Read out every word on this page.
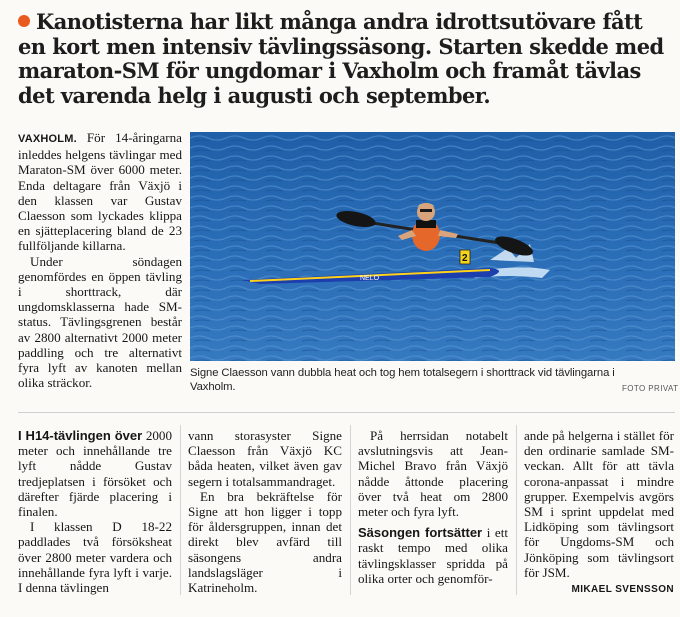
Kanotisterna har likt många andra idrottsutövare fått en kort men intensiv tävlingssäsong. Starten skedde med maraton-SM för ungdomar i Vaxholm och framåt tävlas det varenda helg i augusti och september.

VAXHOLM. För 14-åringarna inleddes helgens tävlingar med Maraton-SM över 6000 meter. Enda deltagare från Växjö i den klassen var Gustav Claesson som lyckades klippa en sjätteplacering bland de 23 fullföljande killarna.

Under söndagen genomfördes en öppen tävling i shorttrack, där ungdomsklasserna hade SM-status. Tävlingsgrenen består av 2800 alternativt 2000 meter paddling och tre alternativt fyra lyft av kanoten mellan olika sträckor.

NELO
2
Signe Claesson vann dubbla heat och tog hem totalsegern i shorttrack vid tävlingarna i Vaxholm.	FOTO PRIVAT

I H14-tävlingen över 2000 meter och innehållande tre lyft nådde Gustav tredjeplatsen i försöket och därefter fjärde placering i finalen.

I klassen D 18-22 paddlades två försöksheat över 2800 meter vardera och innehållande fyra lyft i varje. I denna tävlingen

vann storasyster Signe Claesson från Växjö KC båda heaten, vilket även gav segern i totalsammandraget.

En bra bekräftelse för Signe att hon ligger i topp för åldersgruppen, innan det direkt blev avfärd till säsongens andra landslagsläger i Katrineholm.

På herrsidan notabelt avslutningsvis att Jean-Michel Bravo från Växjö nådde åttonde placering över två heat om 2800 meter och fyra lyft.

Säsongen fortsätter i ett raskt tempo med olika tävlingsklasser spridda på olika orter och genomför-

ande på helgerna i stället för den ordinarie samlade SM-veckan. Allt för att tävla corona-anpassat i mindre grupper. Exempelvis avgörs SM i sprint uppdelat med Lidköping som tävlingsort för Ungdoms-SM och Jönköping som tävlingsort för JSM.

MIKAEL SVENSSON
